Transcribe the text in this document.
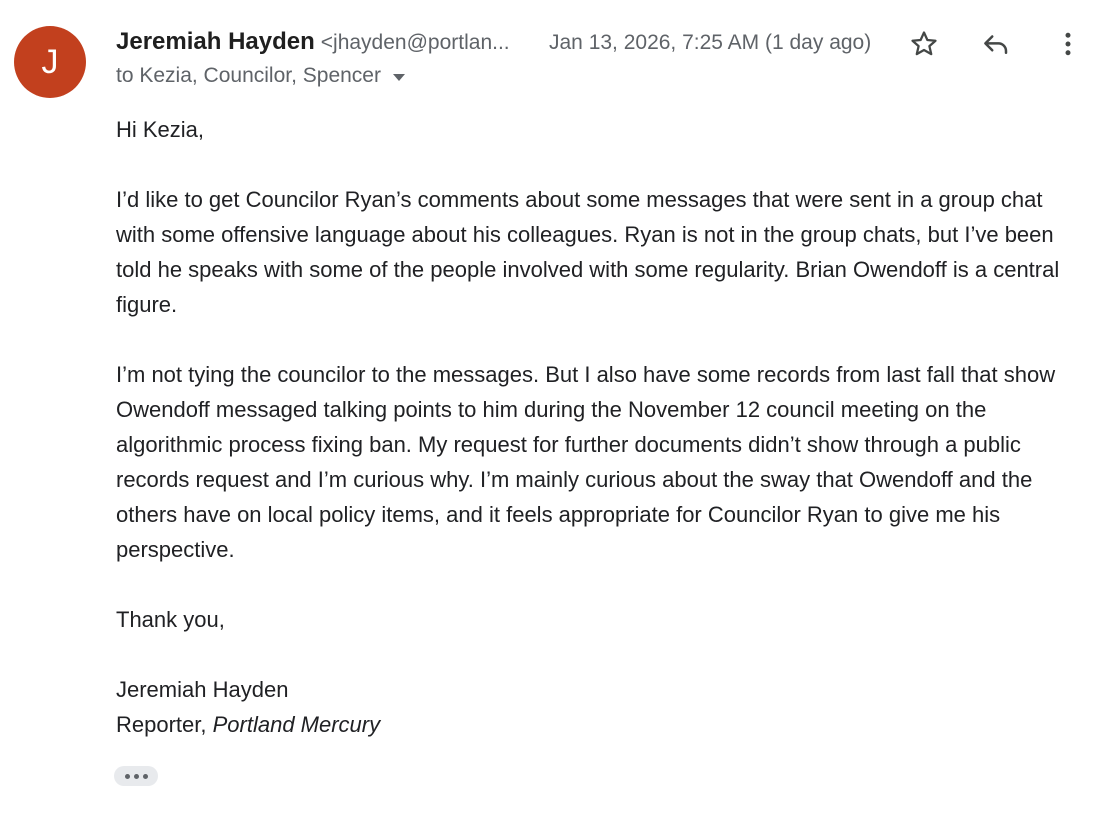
J
Jeremiah Hayden <jhayden@portlan... Jan 13, 2026, 7:25 AM (1 day ago)
to Kezia, Councilor, Spencer

Hi Kezia,

I’d like to get Councilor Ryan’s comments about some messages that were sent in a group chat with some offensive language about his colleagues. Ryan is not in the group chats, but I’ve been told he speaks with some of the people involved with some regularity. Brian Owendoff is a central figure.

I’m not tying the councilor to the messages. But I also have some records from last fall that show Owendoff messaged talking points to him during the November 12 council meeting on the algorithmic process fixing ban. My request for further documents didn’t show through a public records request and I’m curious why. I’m mainly curious about the sway that Owendoff and the others have on local policy items, and it feels appropriate for Councilor Ryan to give me his perspective.

Thank you,

Jeremiah Hayden

Reporter, Portland Mercury
